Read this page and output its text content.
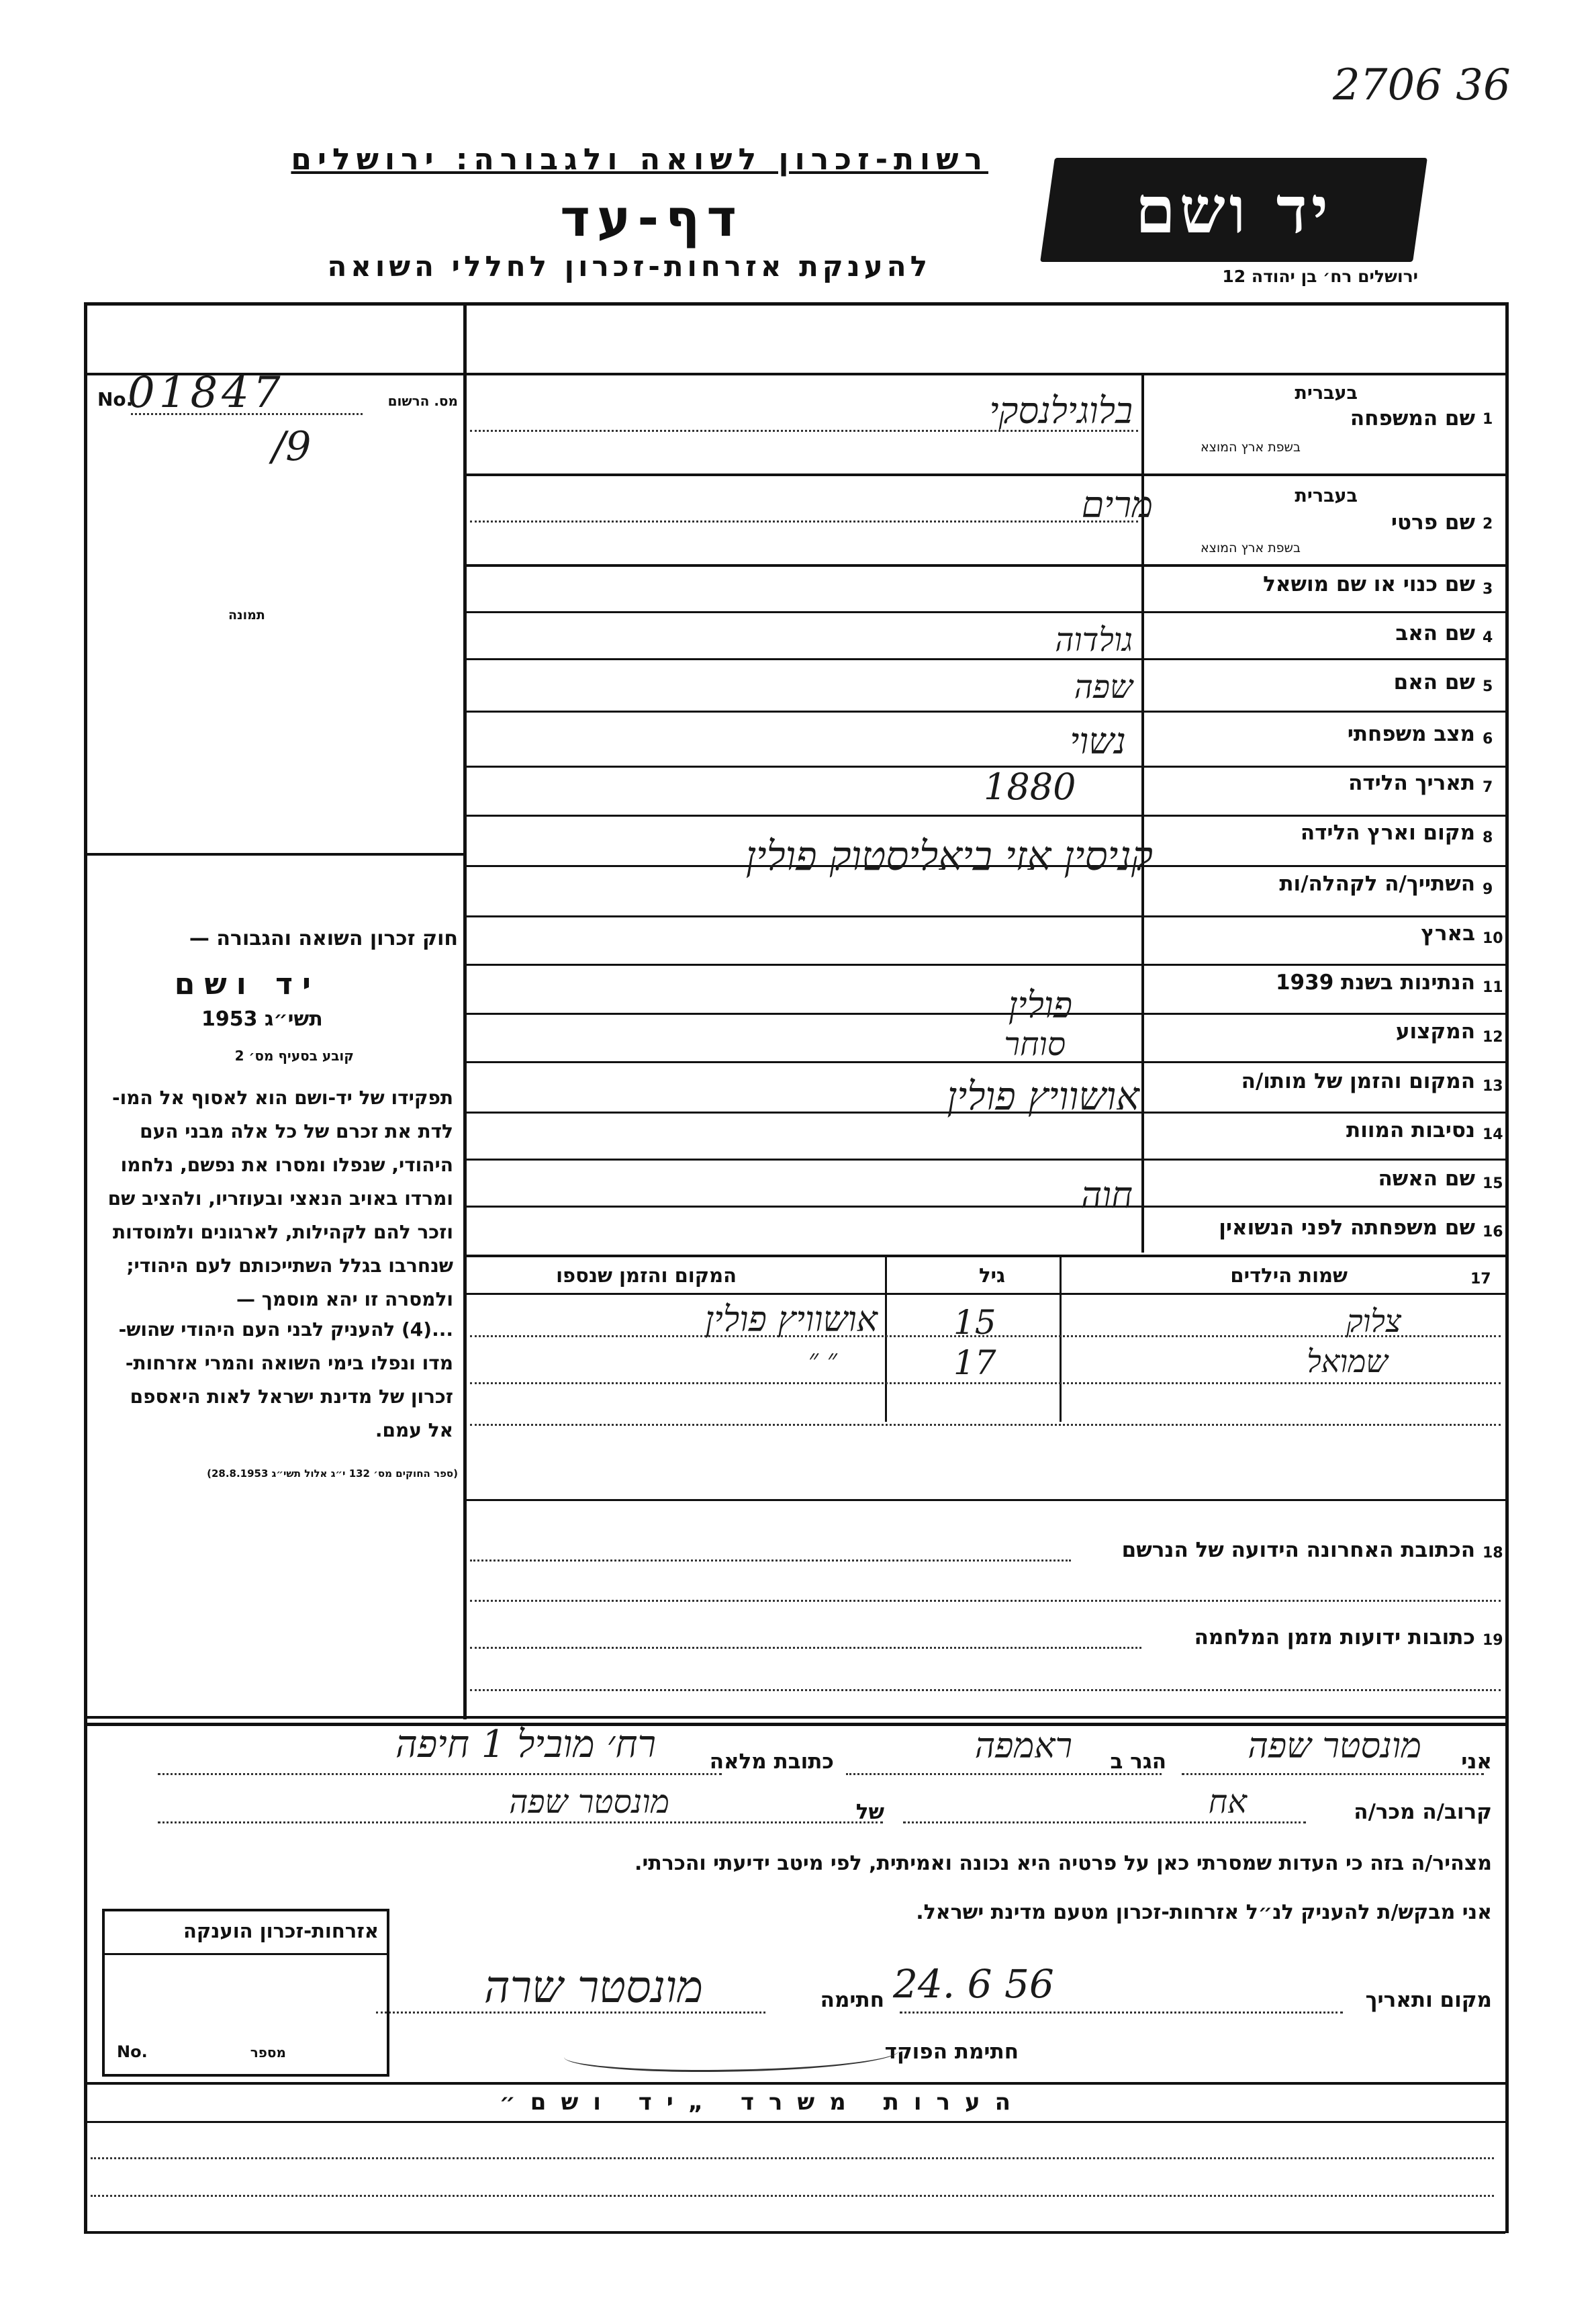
2706 36
רשות-זכרון לשואה ולגבורה: ירושלים
דף-עד
להענקת אזרחות-זכרון לחללי השואה
יד ושם
ירושלים רח׳ בן יהודה 12
No.
01847
/9
מס. הרשום
תמונה
חוק זכרון השואה והגבורה —
יד ושם
1953 תשי״ג
קובע בסעיף מס׳ 2
תפקידו של יד-ושם הוא לאסוף אל המו- לדת את זכרם של כל אלה מבני העם היהודי, שנפלו ומסרו את נפשם, נלחמו ומרדו באויב הנאצי ובעוזריו, ולהציב שם וזכר להם לקהילות, לארגונים ולמוסדות שנחרבו בגלל השתייכותם לעם היהודי; ולמסרה זו יהא מוסמך —
...(4) להעניק לבני העם היהודי שהוש- מדו ונפלו בימי השואה והמרי אזרחות- זכרון של מדינת ישראל לאות היאספם אל עמם.
(ספר החוקים מס׳ 132 י״ג אלול תשי״ג 28.8.1953)
1
שם המשפחה
בעברית
בשפת ארץ המוצא
בלוגילנסקי
2
שם פרטי
בעברית
בשפת ארץ המוצא
מרים
3
שם כנוי או שם מושאל
4
שם האב
גולדוה
5
שם האם
שפה
6
מצב משפחתי
נשוי
7
תאריך הלידה
1880
8
מקום וארץ הלידה
קניסין אזי ביאליסטוק פולין
9
השתייך/ה לקהלה/ות
10
בארץ
11
הנתינות בשנת 1939
פולין
12
המקצוע
סוחר
13
המקום והזמן של מותו/ה
אושוויץ פולין
14
נסיבות המוות
15
שם האשה
חוה
16
שם משפחתה לפני הנשואין
17
שמות הילדים
גיל
המקום והזמן שנספו
צלוק
15
אושוויץ פולין
שמואל
17
״ ״
18
הכתובת האחרונה הידועה של הנרשם
19
כתובות ידועות מזמן המלחמה
אני
מונסטר שפה
הגר ב
ראמפה
כתובת מלאה
רח׳ מוביל 1 חיפה
קרוב/ה מכר/ה
אח
של
מונסטר שפה
מצהיר/ה בזה כי העדות שמסרתי כאן על פרטיה היא נכונה ואמיתית, לפי מיטב ידיעתי והכרתי.
אני מבקש/ת להעניק לנ״ל אזרחות-זכרון מטעם מדינת ישראל.
מקום ותאריך
24. 6 56
חתימה
מונסטר שרה
חתימת הפוקד
אזרחות-זכרון הוענקה
No.	מספר
הערות משרד „יד ושם״
